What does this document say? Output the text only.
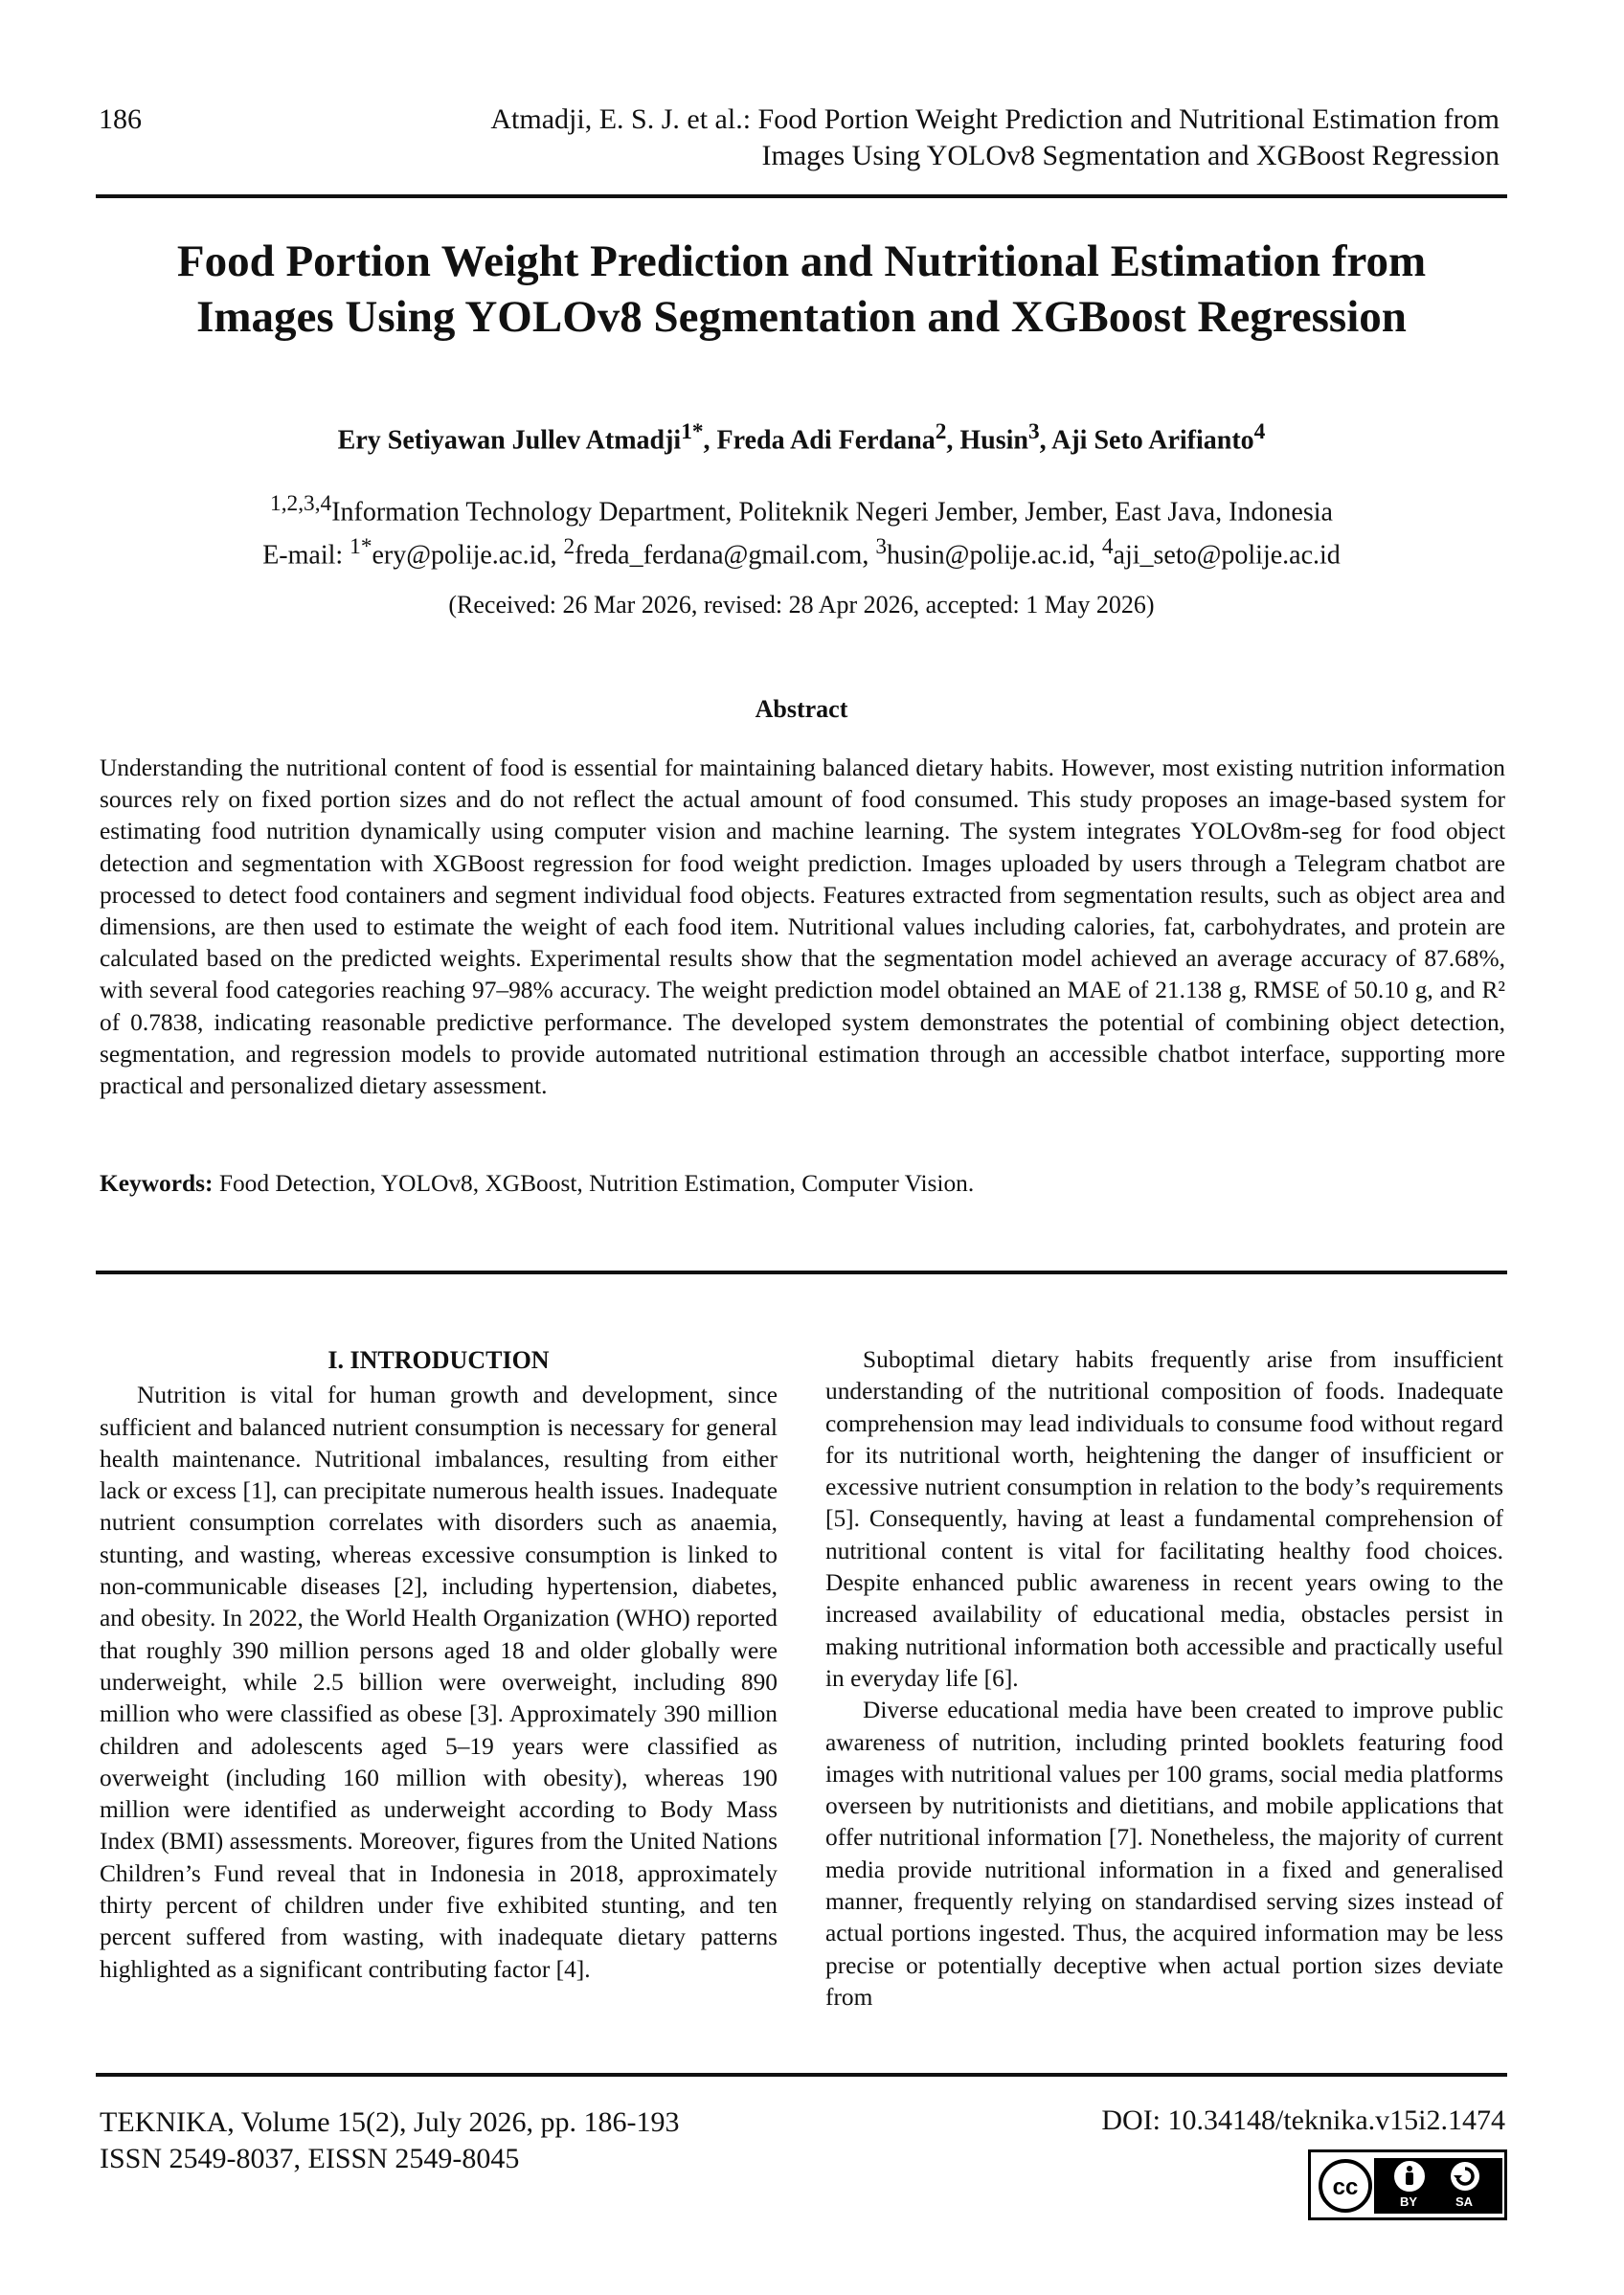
186	Atmadji, E. S. J. et al.: Food Portion Weight Prediction and Nutritional Estimation from
Images Using YOLOv8 Segmentation and XGBoost Regression
Food Portion Weight Prediction and Nutritional Estimation from
Images Using YOLOv8 Segmentation and XGBoost Regression
Ery Setiyawan Jullev Atmadji$^{1*}$, Freda Adi Ferdana$^2$, Husin$^3$, Aji Seto Arifianto$^4$
$^{1,2,3,4}$Information Technology Department, Politeknik Negeri Jember, Jember, East Java, Indonesia
E-mail: $^{1*}$ery@polije.ac.id, $^2$freda_ferdana@gmail.com, $^3$husin@polije.ac.id, $^4$aji_seto@polije.ac.id
(Received: 26 Mar 2026, revised: 28 Apr 2026, accepted: 1 May 2026)
Abstract
Understanding the nutritional content of food is essential for maintaining balanced dietary habits. However, most existing nutrition information sources rely on fixed portion sizes and do not reflect the actual amount of food consumed. This study proposes an image-based system for estimating food nutrition dynamically using computer vision and machine learning. The system integrates YOLOv8m-seg for food object detection and segmentation with XGBoost regression for food weight prediction. Images uploaded by users through a Telegram chatbot are processed to detect food containers and segment individual food objects. Features extracted from segmentation results, such as object area and dimensions, are then used to estimate the weight of each food item. Nutritional values including calories, fat, carbohydrates, and protein are calculated based on the predicted weights. Experimental results show that the segmentation model achieved an average accuracy of 87.68%, with several food categories reaching 97–98% accuracy. The weight prediction model obtained an MAE of 21.138 g, RMSE of 50.10 g, and R² of 0.7838, indicating reasonable predictive performance. The developed system demonstrates the potential of combining object detection, segmentation, and regression models to provide automated nutritional estimation through an accessible chatbot interface, supporting more practical and personalized dietary assessment.
Keywords: Food Detection, YOLOv8, XGBoost, Nutrition Estimation, Computer Vision.

I. INTRODUCTION

Nutrition is vital for human growth and development, since sufficient and balanced nutrient consumption is necessary for general health maintenance. Nutritional imbalances, resulting from either lack or excess [1], can precipitate numerous health issues. Inadequate nutrient consumption correlates with disorders such as anaemia, stunting, and wasting, whereas excessive consumption is linked to non-communicable diseases [2], including hypertension, diabetes, and obesity. In 2022, the World Health Organization (WHO) reported that roughly 390 million persons aged 18 and older globally were underweight, while 2.5 billion were overweight, including 890 million who were classified as obese [3]. Approximately 390 million children and adolescents aged 5–19 years were classified as overweight (including 160 million with obesity), whereas 190 million were identified as underweight according to Body Mass Index (BMI) assessments. Moreover, figures from the United Nations Children’s Fund reveal that in Indonesia in 2018, approximately thirty percent of children under five exhibited stunting, and ten percent suffered from wasting, with inadequate dietary patterns highlighted as a significant contributing factor [4].

Suboptimal dietary habits frequently arise from insufficient understanding of the nutritional composition of foods. Inadequate comprehension may lead individuals to consume food without regard for its nutritional worth, heightening the danger of insufficient or excessive nutrient consumption in relation to the body’s requirements [5]. Consequently, having at least a fundamental comprehension of nutritional content is vital for facilitating healthy food choices. Despite enhanced public awareness in recent years owing to the increased availability of educational media, obstacles persist in making nutritional information both accessible and practically useful in everyday life [6].

Diverse educational media have been created to improve public awareness of nutrition, including printed booklets featuring food images with nutritional values per 100 grams, social media platforms overseen by nutritionists and dietitians, and mobile applications that offer nutritional information [7]. Nonetheless, the majority of current media provide nutritional information in a fixed and generalised manner, frequently relying on standardised serving sizes instead of actual portions ingested. Thus, the acquired information may be less precise or potentially deceptive when actual portion sizes deviate from

TEKNIKA, Volume 15(2), July 2026, pp. 186-193
ISSN 2549-8037, EISSN 2549-8045
DOI: 10.34148/teknika.v15i2.1474
cc
BY	SA
